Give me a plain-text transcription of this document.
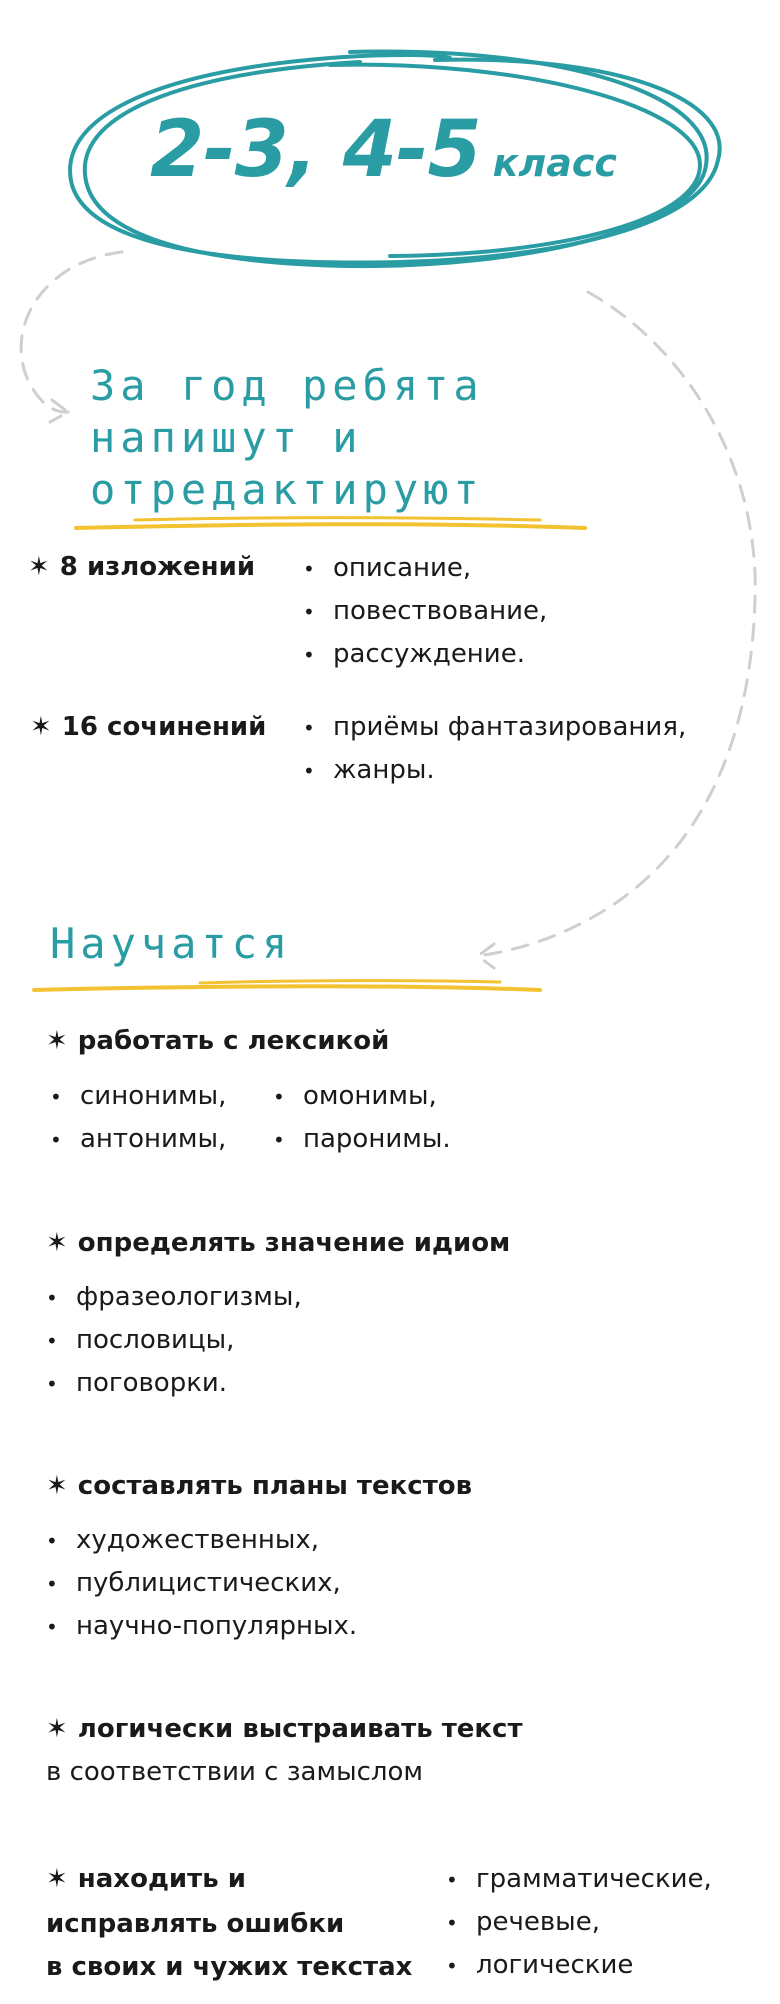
2-3, 4-5 класс
За год ребята
напишут и
отредактируют
✶ 8 изложений • описание,
• повествование,
• рассуждение.
✶ 16 сочинений • приёмы фантазирования,
• жанры.
Научатся
✶ работать с лексикой
• синонимы,
• антонимы,
• омонимы,
• паронимы.
✶ определять значение идиом
• фразеологизмы,
• пословицы,
• поговорки.
✶ составлять планы текстов
• художественных,
• публицистических,
• научно-популярных.
✶ логически выстраивать текст
в соответствии с замыслом
✶ находить и
исправлять ошибки
в своих и чужих текстах
• грамматические,
• речевые,
• логические
